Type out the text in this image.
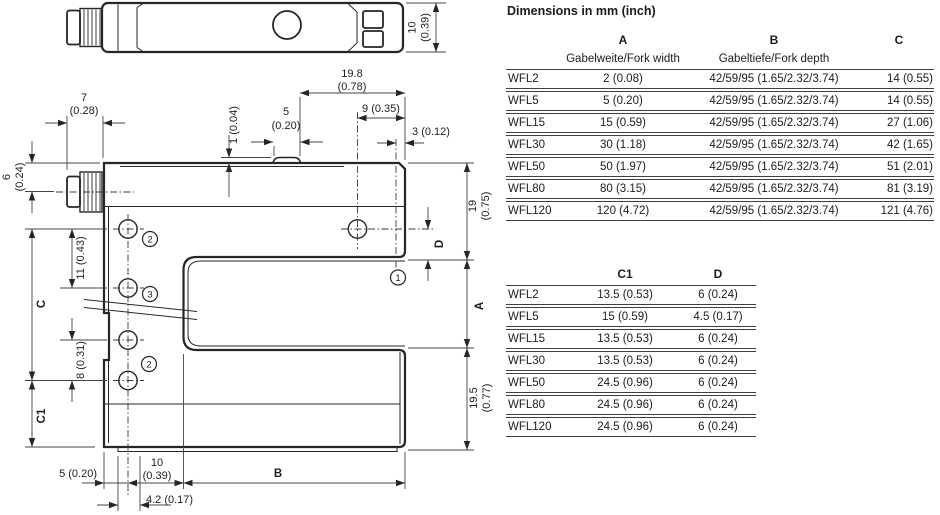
10 (0.39)
19.8
(0.78)
9 (0.35)
3 (0.12)
5
(0.20)
1 (0.04)
7
(0.28)
6 (0.24)
11 (0.43)
C
8 (0.31)
C1
5 (0.20)
10
(0.39)
4.2 (0.17)
B
D
19 (0.75)
A
19.5 (0.77)
2
3
2
1
Dimensions in mm (inch)
	A	B	C
	Gabelweite/Fork width	Gabeltiefe/Fork depth	
WFL2	2 (0.08)	42/59/95 (1.65/2.32/3.74)	14 (0.55)
WFL5	5 (0.20)	42/59/95 (1.65/2.32/3.74)	14 (0.55)
WFL15	15 (0.59)	42/59/95 (1.65/2.32/3.74)	27 (1.06)
WFL30	30 (1.18)	42/59/95 (1.65/2.32/3.74)	42 (1.65)
WFL50	50 (1.97)	42/59/95 (1.65/2.32/3.74)	51 (2.01)
WFL80	80 (3.15)	42/59/95 (1.65/2.32/3.74)	81 (3.19)
WFL120	120 (4.72)	42/59/95 (1.65/2.32/3.74)	121 (4.76)
	C1	D
WFL2	13.5 (0.53)	6 (0.24)
WFL5	15 (0.59)	4.5 (0.17)
WFL15	13.5 (0.53)	6 (0.24)
WFL30	13.5 (0.53)	6 (0.24)
WFL50	24.5 (0.96)	6 (0.24)
WFL80	24.5 (0.96)	6 (0.24)
WFL120	24.5 (0.96)	6 (0.24)
